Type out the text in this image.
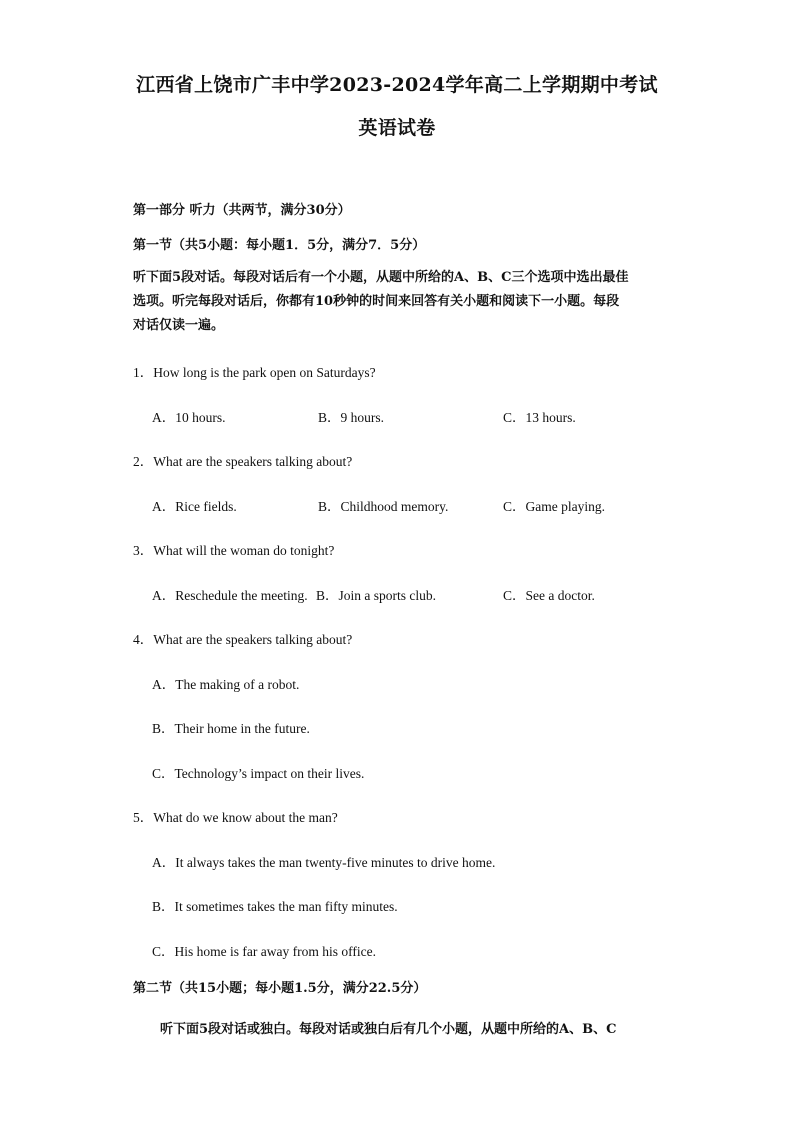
江西省上饶市广丰中学2023-2024学年高二上学期期中考试
英语试卷
第一部分 听力（共两节，满分30分）
第一节（共5小题：每小题1．5分，满分7．5分）
听下面5段对话。每段对话后有一个小题，从题中所给的A、B、C三个选项中选出最佳
选项。听完每段对话后，你都有10秒钟的时间来回答有关小题和阅读下一小题。每段
对话仅读一遍。
1．How long is the park open on Saturdays?
A．10 hours.	B．9 hours.	C．13 hours.
2．What are the speakers talking about?
A．Rice fields.	B．Childhood memory.	C．Game playing.
3．What will the woman do tonight?
A．Reschedule the meeting. B．Join a sports club.	C．See a doctor.
4．What are the speakers talking about?
A．The making of a robot.
B．Their home in the future.
C．Technology’s impact on their lives.
5．What do we know about the man?
A．It always takes the man twenty-five minutes to drive home.
B．It sometimes takes the man fifty minutes.
C．His home is far away from his office.
第二节（共15小题；每小题1.5分，满分22.5分）
听下面5段对话或独白。每段对话或独白后有几个小题，从题中所给的A、B、C
